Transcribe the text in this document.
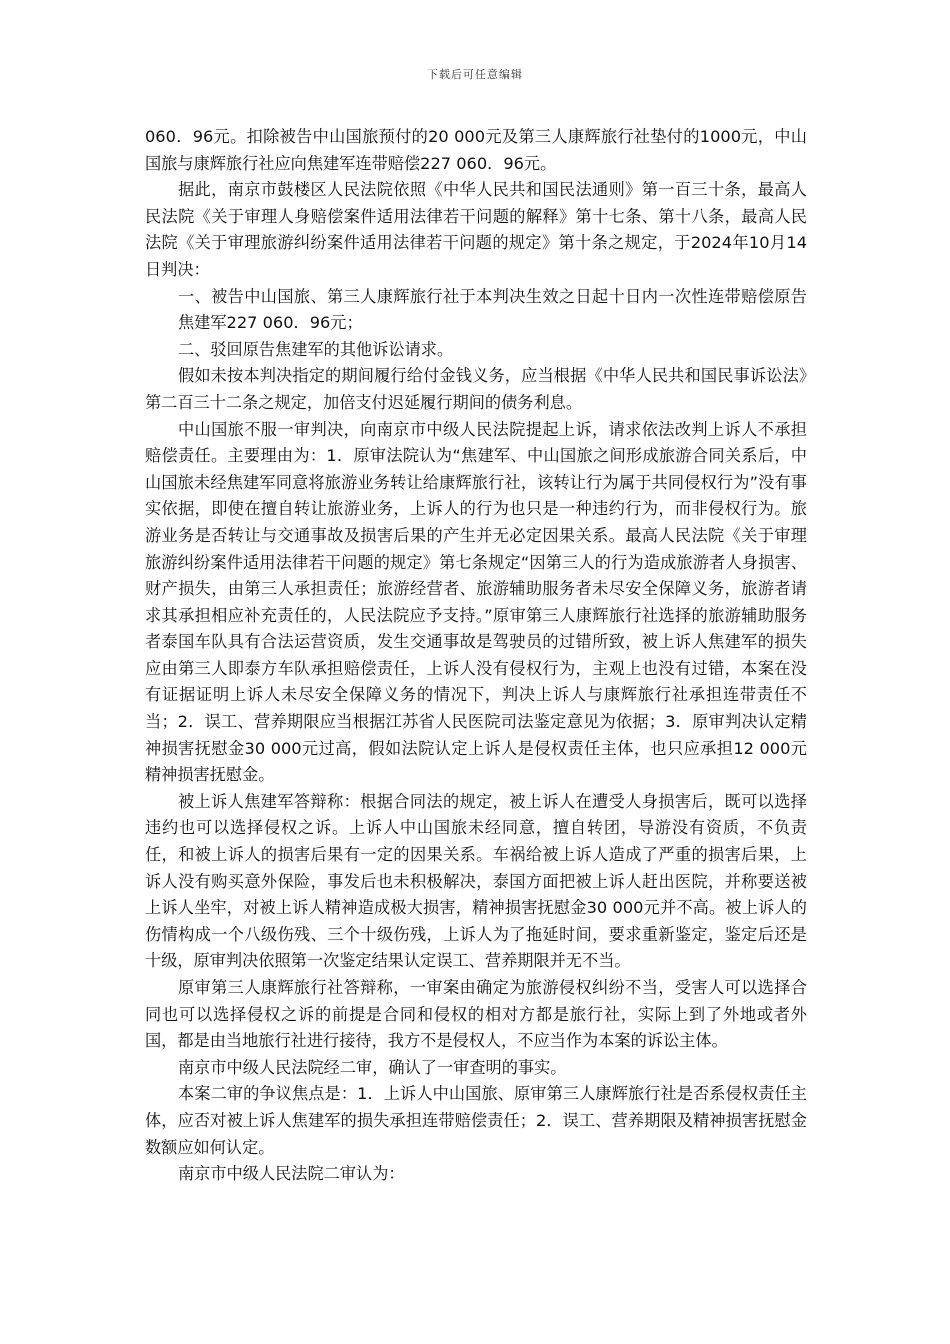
下载后可任意编辑

060．96元。扣除被告中山国旅预付的20 000元及第三人康辉旅行社垫付的1000元，中山国旅与康辉旅行社应向焦建军连带赔偿227 060．96元。

据此，南京市鼓楼区人民法院依照《中华人民共和国民法通则》第一百三十条，最高人民法院《关于审理人身赔偿案件适用法律若干问题的解释》第十七条、第十八条，最高人民法院《关于审理旅游纠纷案件适用法律若干问题的规定》第十条之规定，于2024年10月14日判决：

一、被告中山国旅、第三人康辉旅行社于本判决生效之日起十日内一次性连带赔偿原告焦建军227 060．96元；

二、驳回原告焦建军的其他诉讼请求。

假如未按本判决指定的期间履行给付金钱义务，应当根据《中华人民共和国民事诉讼法》第二百三十二条之规定，加倍支付迟延履行期间的债务利息。

中山国旅不服一审判决，向南京市中级人民法院提起上诉，请求依法改判上诉人不承担赔偿责任。主要理由为：1．原审法院认为“焦建军、中山国旅之间形成旅游合同关系后，中山国旅未经焦建军同意将旅游业务转让给康辉旅行社，该转让行为属于共同侵权行为”没有事实依据，即使在擅自转让旅游业务，上诉人的行为也只是一种违约行为，而非侵权行为。旅游业务是否转让与交通事故及损害后果的产生并无必定因果关系。最高人民法院《关于审理旅游纠纷案件适用法律若干问题的规定》第七条规定“因第三人的行为造成旅游者人身损害、财产损失，由第三人承担责任；旅游经营者、旅游辅助服务者未尽安全保障义务，旅游者请求其承担相应补充责任的，人民法院应予支持。”原审第三人康辉旅行社选择的旅游辅助服务者泰国车队具有合法运营资质，发生交通事故是驾驶员的过错所致，被上诉人焦建军的损失应由第三人即泰方车队承担赔偿责任，上诉人没有侵权行为，主观上也没有过错，本案在没有证据证明上诉人未尽安全保障义务的情况下，判决上诉人与康辉旅行社承担连带责任不当；2．误工、营养期限应当根据江苏省人民医院司法鉴定意见为依据；3．原审判决认定精神损害抚慰金30 000元过高，假如法院认定上诉人是侵权责任主体，也只应承担12 000元精神损害抚慰金。

被上诉人焦建军答辩称：根据合同法的规定，被上诉人在遭受人身损害后，既可以选择违约也可以选择侵权之诉。上诉人中山国旅未经同意，擅自转团，导游没有资质，不负责任，和被上诉人的损害后果有一定的因果关系。车祸给被上诉人造成了严重的损害后果，上诉人没有购买意外保险，事发后也未积极解决，泰国方面把被上诉人赶出医院，并称要送被上诉人坐牢，对被上诉人精神造成极大损害，精神损害抚慰金30 000元并不高。被上诉人的伤情构成一个八级伤残、三个十级伤残，上诉人为了拖延时间，要求重新鉴定，鉴定后还是十级，原审判决依照第一次鉴定结果认定误工、营养期限并无不当。

原审第三人康辉旅行社答辩称，一审案由确定为旅游侵权纠纷不当，受害人可以选择合同也可以选择侵权之诉的前提是合同和侵权的相对方都是旅行社，实际上到了外地或者外国，都是由当地旅行社进行接待，我方不是侵权人，不应当作为本案的诉讼主体。

南京市中级人民法院经二审，确认了一审查明的事实。

本案二审的争议焦点是：1．上诉人中山国旅、原审第三人康辉旅行社是否系侵权责任主体，应否对被上诉人焦建军的损失承担连带赔偿责任；2．误工、营养期限及精神损害抚慰金数额应如何认定。

南京市中级人民法院二审认为：
